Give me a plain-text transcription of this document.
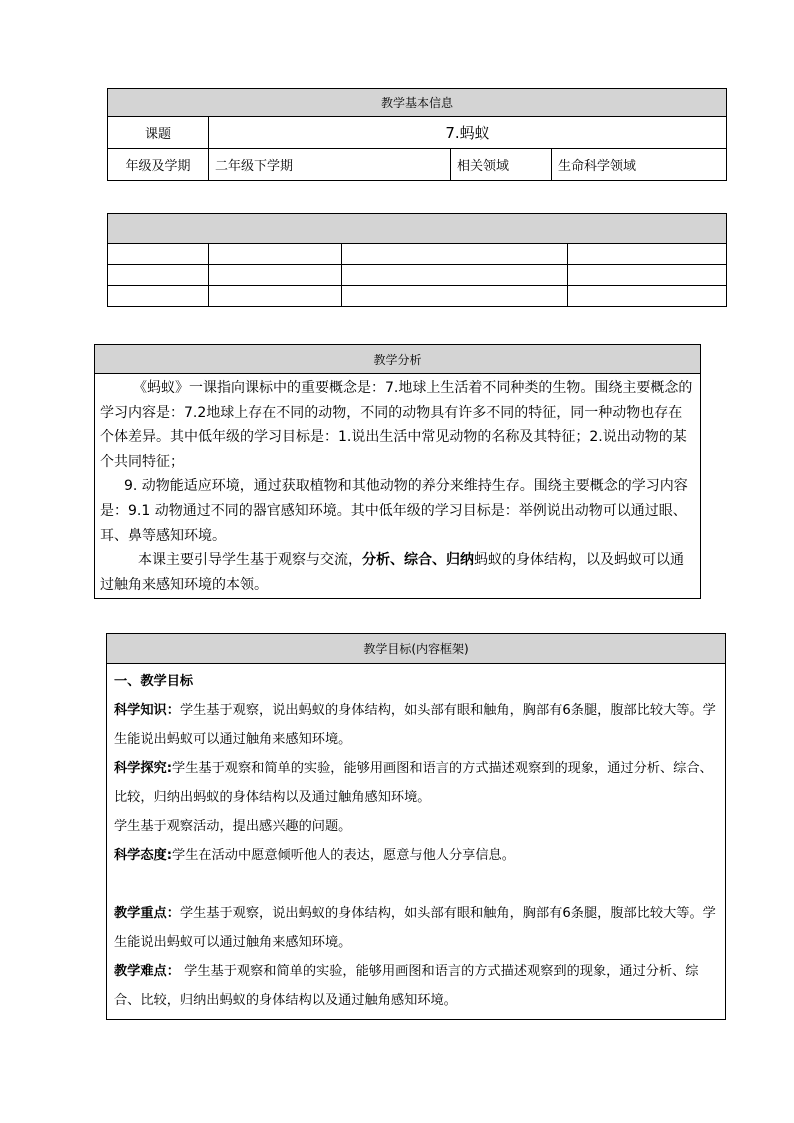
教学基本信息			
课题	7.蚂蚁		
年级及学期	二年级下学期	相关领域	生命科学领域

教学分析

《蚂蚁》一课指向课标中的重要概念是：7.地球上生活着不同种类的生物。围绕主要概念的学习内容是：7.2地球上存在不同的动物，不同的动物具有许多不同的特征，同一种动物也存在个体差异。其中低年级的学习目标是：1.说出生活中常见动物的名称及其特征；2.说出动物的某个共同特征；

9. 动物能适应环境，通过获取植物和其他动物的养分来维持生存。围绕主要概念的学习内容是：9.1 动物通过不同的器官感知环境。其中低年级的学习目标是：举例说出动物可以通过眼、耳、鼻等感知环境。

本课主要引导学生基于观察与交流，分析、综合、归纳蚂蚁的身体结构，以及蚂蚁可以通过触角来感知环境的本领。

教学目标(内容框架)

一、教学目标

科学知识：学生基于观察，说出蚂蚁的身体结构，如头部有眼和触角，胸部有6条腿，腹部比较大等。学生能说出蚂蚁可以通过触角来感知环境。

科学探究:学生基于观察和简单的实验，能够用画图和语言的方式描述观察到的现象，通过分析、综合、比较，归纳出蚂蚁的身体结构以及通过触角感知环境。

学生基于观察活动，提出感兴趣的问题。

科学态度:学生在活动中愿意倾听他人的表达，愿意与他人分享信息。

教学重点：学生基于观察，说出蚂蚁的身体结构，如头部有眼和触角，胸部有6条腿，腹部比较大等。学生能说出蚂蚁可以通过触角来感知环境。

教学难点： 学生基于观察和简单的实验，能够用画图和语言的方式描述观察到的现象，通过分析、综合、比较，归纳出蚂蚁的身体结构以及通过触角感知环境。
